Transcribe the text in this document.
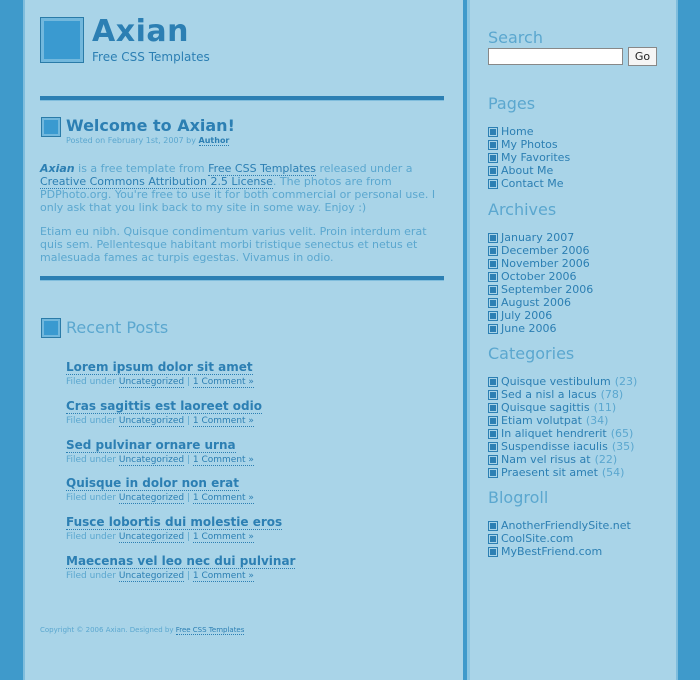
Axian
Free CSS Templates
Welcome to Axian!
Posted on February 1st, 2007 by Author
Axian is a free template from Free CSS Templates released under a Creative Commons Attribution 2.5 License. The photos are from PDPhoto.org. You're free to use it for both commercial or personal use. I only ask that you link back to my site in some way. Enjoy :)
Etiam eu nibh. Quisque condimentum varius velit. Proin interdum erat quis sem. Pellentesque habitant morbi tristique senectus et netus et malesuada fames ac turpis egestas. Vivamus in odio.
Recent Posts
Lorem ipsum dolor sit amet
Filed under Uncategorized | 1 Comment »
Cras sagittis est laoreet odio
Filed under Uncategorized | 1 Comment »
Sed pulvinar ornare urna
Filed under Uncategorized | 1 Comment »
Quisque in dolor non erat
Filed under Uncategorized | 1 Comment »
Fusce lobortis dui molestie eros
Filed under Uncategorized | 1 Comment »
Maecenas vel leo nec dui pulvinar
Filed under Uncategorized | 1 Comment »
Copyright © 2006 Axian. Designed by Free CSS Templates
Search
Go
Pages
Home
My Photos
My Favorites
About Me
Contact Me
Archives
January 2007
December 2006
November 2006
October 2006
September 2006
August 2006
July 2006
June 2006
Categories
Quisque vestibulum (23)
Sed a nisl a lacus (78)
Quisque sagittis (11)
Etiam volutpat (34)
In aliquet hendrerit (65)
Suspendisse iaculis (35)
Nam vel risus at (22)
Praesent sit amet (54)
Blogroll
AnotherFriendlySite.net
CoolSite.com
MyBestFriend.com
